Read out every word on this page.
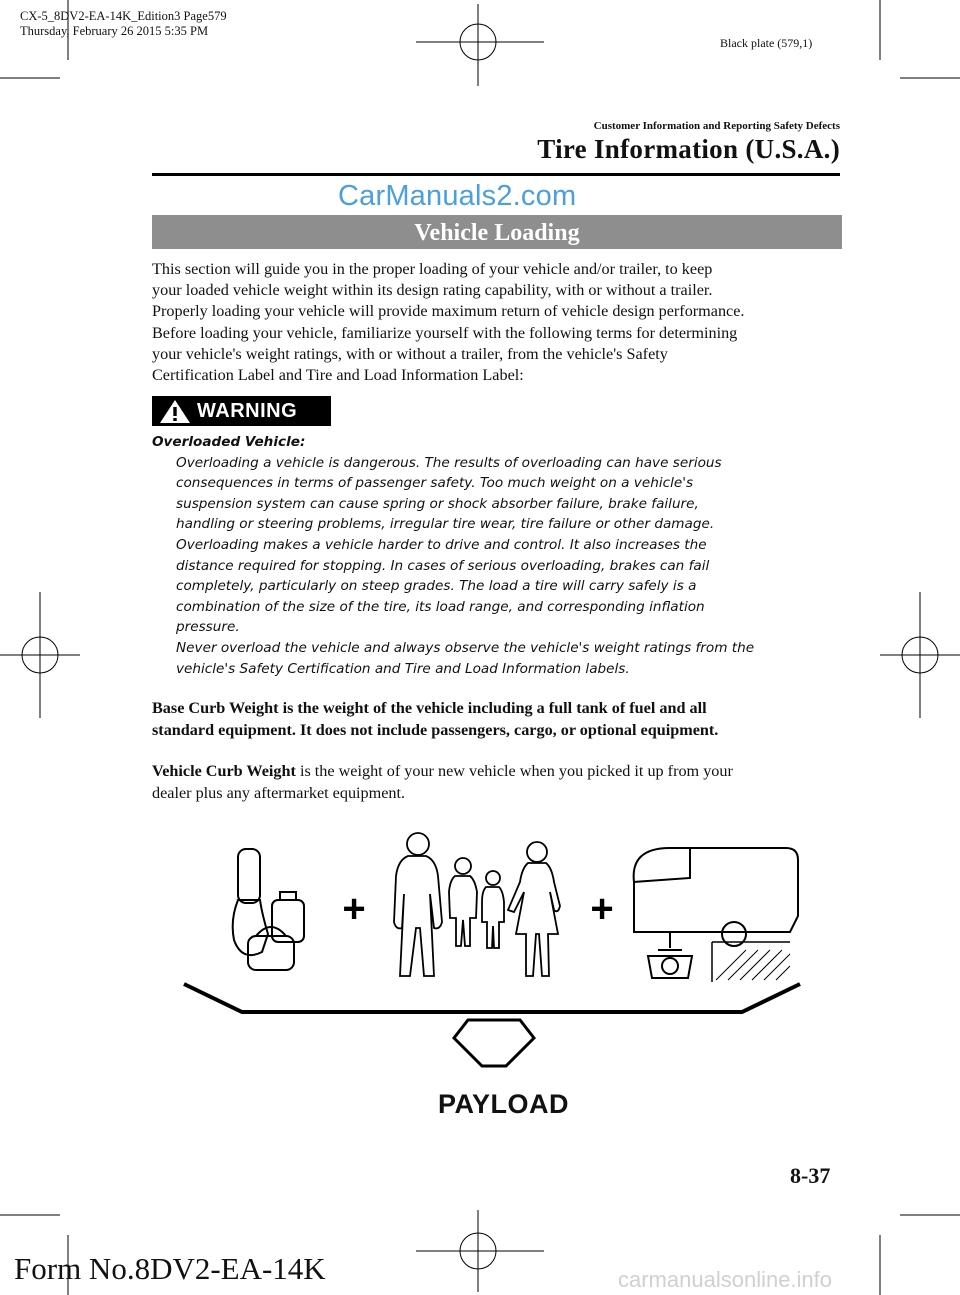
CX-5_8DV2-EA-14K_Edition3 Page579
Thursday, February 26 2015 5:35 PM
Black plate (579,1)
Customer Information and Reporting Safety Defects
Tire Information (U.S.A.)
CarManuals2.com
Vehicle Loading

This section will guide you in the proper loading of your vehicle and/or trailer, to keep

your loaded vehicle weight within its design rating capability, with or without a trailer.

Properly loading your vehicle will provide maximum return of vehicle design performance.

Before loading your vehicle, familiarize yourself with the following terms for determining

your vehicle's weight ratings, with or without a trailer, from the vehicle's Safety

Certification Label and Tire and Load Information Label:

WARNING
Overloaded Vehicle:

Overloading a vehicle is dangerous. The results of overloading can have serious

consequences in terms of passenger safety. Too much weight on a vehicle's

suspension system can cause spring or shock absorber failure, brake failure,

handling or steering problems, irregular tire wear, tire failure or other damage.

Overloading makes a vehicle harder to drive and control. It also increases the

distance required for stopping. In cases of serious overloading, brakes can fail

completely, particularly on steep grades. The load a tire will carry safely is a

combination of the size of the tire, its load range, and corresponding inflation

pressure.

Never overload the vehicle and always observe the vehicle's weight ratings from the

vehicle's Safety Certification and Tire and Load Information labels.

Base Curb Weight is the weight of the vehicle including a full tank of fuel and all

standard equipment. It does not include passengers, cargo, or optional equipment.

Vehicle Curb Weight is the weight of your new vehicle when you picked it up from your

dealer plus any aftermarket equipment.

+	+
PAYLOAD
8-37
Form No.8DV2-EA-14K	carmanualsonline.info
